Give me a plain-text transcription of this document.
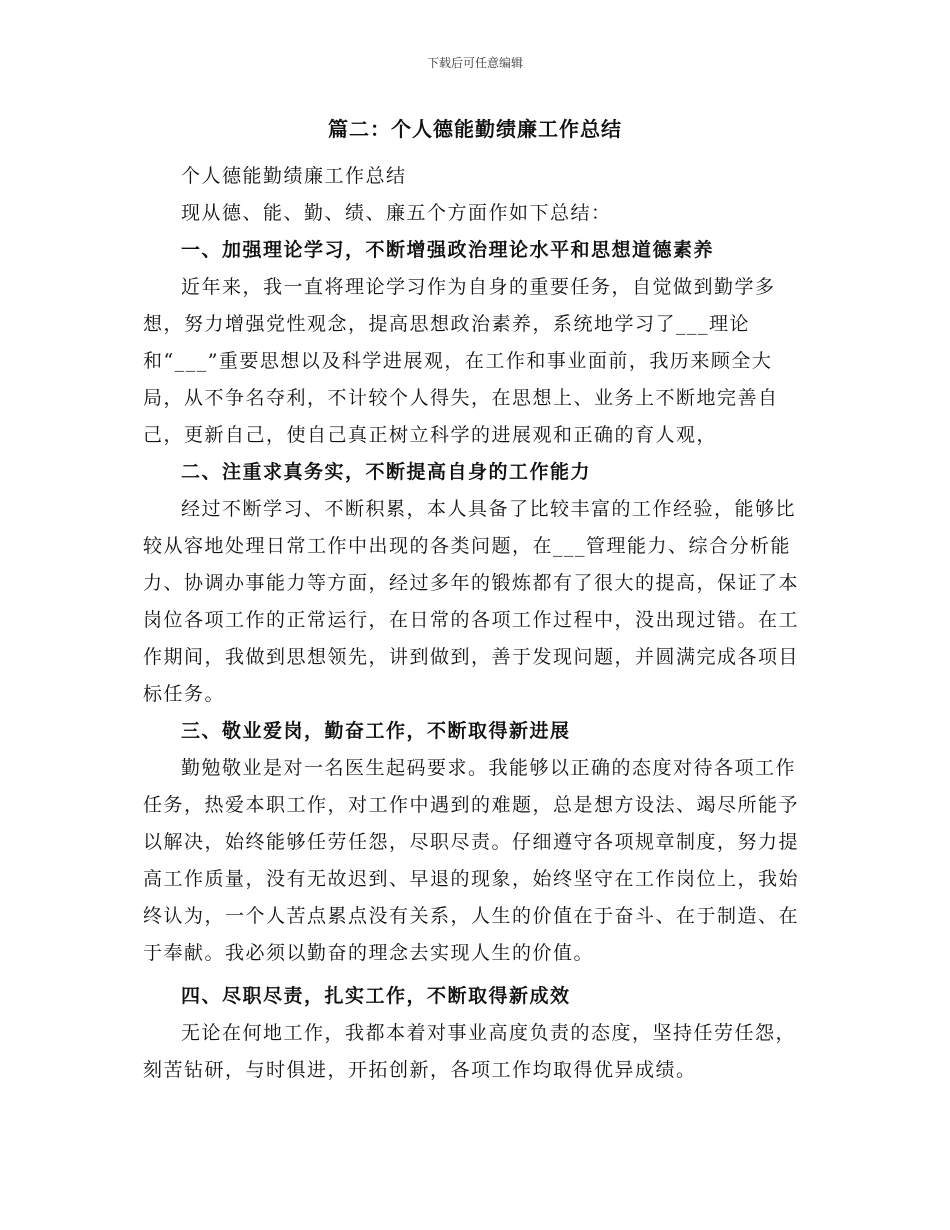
下载后可任意编辑
篇二：个人德能勤绩廉工作总结

个人德能勤绩廉工作总结

现从德、能、勤、绩、廉五个方面作如下总结：

一、加强理论学习，不断增强政治理论水平和思想道德素养

近年来，我一直将理论学习作为自身的重要任务，自觉做到勤学多想，努力增强党性观念，提高思想政治素养，系统地学习了___理论和“___”重要思想以及科学进展观，在工作和事业面前，我历来顾全大局，从不争名夺利，不计较个人得失，在思想上、业务上不断地完善自己，更新自己，使自己真正树立科学的进展观和正确的育人观，

二、注重求真务实，不断提高自身的工作能力

经过不断学习、不断积累，本人具备了比较丰富的工作经验，能够比较从容地处理日常工作中出现的各类问题，在___管理能力、综合分析能力、协调办事能力等方面，经过多年的锻炼都有了很大的提高，保证了本岗位各项工作的正常运行，在日常的各项工作过程中，没出现过错。在工作期间，我做到思想领先，讲到做到，善于发现问题，并圆满完成各项目标任务。

三、敬业爱岗，勤奋工作，不断取得新进展

勤勉敬业是对一名医生起码要求。我能够以正确的态度对待各项工作任务，热爱本职工作，对工作中遇到的难题，总是想方设法、竭尽所能予以解决，始终能够任劳任怨，尽职尽责。仔细遵守各项规章制度，努力提高工作质量，没有无故迟到、早退的现象，始终坚守在工作岗位上，我始终认为，一个人苦点累点没有关系，人生的价值在于奋斗、在于制造、在于奉献。我必须以勤奋的理念去实现人生的价值。

四、尽职尽责，扎实工作，不断取得新成效

无论在何地工作，我都本着对事业高度负责的态度，坚持任劳任怨，刻苦钻研，与时俱进，开拓创新，各项工作均取得优异成绩。
